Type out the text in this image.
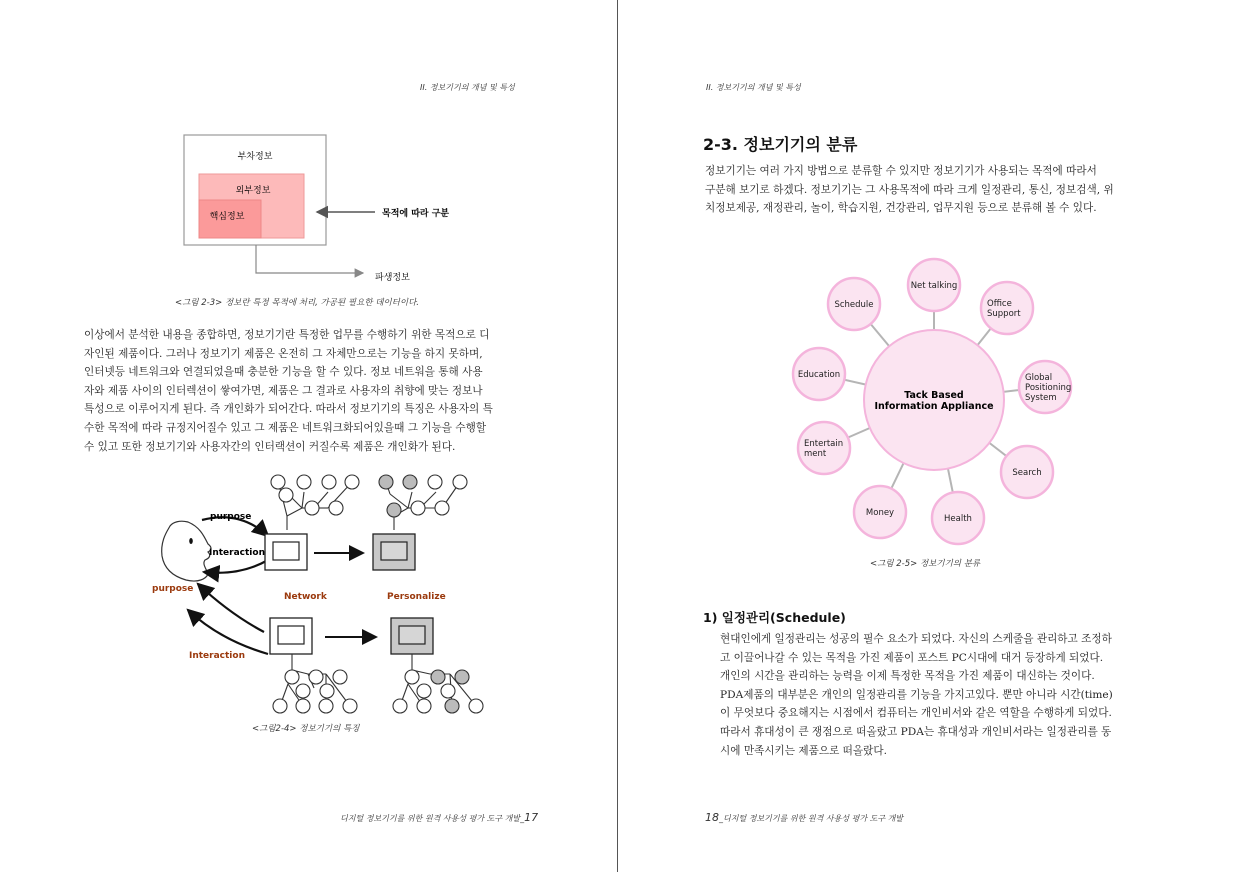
II. 정보기기의 개념 및 특성
부차정보
외부정보
핵심정보	목적에 따라 구분
파생정보
<그림 2-3> 정보란 특정 목적에 처리, 가공된 필요한 데이터이다.

이상에서 분석한 내용을 종합하면, 정보기기란 특정한 업무를 수행하기 위한 목적으로 디

자인된 제품이다. 그러나 정보기기 제품은 온전히 그 자체만으로는 기능을 하지 못하며,

인터넷등 네트워크와 연결되었을때 충분한 기능을 할 수 있다. 정보 네트워을 통해 사용

자와 제품 사이의 인터렉션이 쌓여가면, 제품은 그 결과로 사용자의 취향에 맞는 정보나

특성으로 이루어지게 된다. 즉 개인화가 되어간다. 따라서 정보기기의 특징은 사용자의 특

수한 목적에 따라 규정지어질수 있고 그 제품은 네트워크화되어있을때 그 기능을 수행할

수 있고 또한 정보기기와 사용자간의 인터랙션이 커질수록 제품은 개인화가 된다.

purpose
Interaction
purpose
Interaction
Network	Personalize
<그림2-4> 정보기기의 특징
디지털 정보기기를 위한 원격 사용성 평가 도구 개발_17
II. 정보기기의 개념 및 특성
2-3. 정보기기의 분류

정보기기는 여러 가지 방법으로 분류할 수 있지만 정보기기가 사용되는 목적에 따라서

구분해 보기로 하겠다. 정보기기는 그 사용목적에 따라 크게 일정관리, 통신, 정보검색, 위

치정보제공, 재정관리, 놀이, 학습지원, 건강관리, 업무지원 등으로 분류해 볼 수 있다.

Tack Based
Information Appliance
Net talking
Office
Support
Global
Positioning
System
Search
Health
Money
Entertain
ment
Education
Schedule
<그림 2-5> 정보기기의 분류
1) 일정관리(Schedule)

현대인에게 일정관리는 성공의 필수 요소가 되었다. 자신의 스케줄을 관리하고 조정하

고 이끌어나갈 수 있는 목적을 가진 제품이 포스트 PC시대에 대거 등장하게 되었다.

개인의 시간을 관리하는 능력을 이제 특정한 목적을 가진 제품이 대신하는 것이다.

PDA제품의 대부분은 개인의 일정관리를 기능을 가지고있다. 뿐만 아니라 시간(time)

이 무엇보다 중요해지는 시점에서 컴퓨터는 개인비서와 같은 역할을 수행하게 되었다.

따라서 휴대성이 큰 쟁점으로 떠올랐고 PDA는 휴대성과 개인비서라는 일정관리를 동

시에 만족시키는 제품으로 떠올랐다.

18_디지털 정보기기를 위한 원격 사용성 평가 도구 개발
